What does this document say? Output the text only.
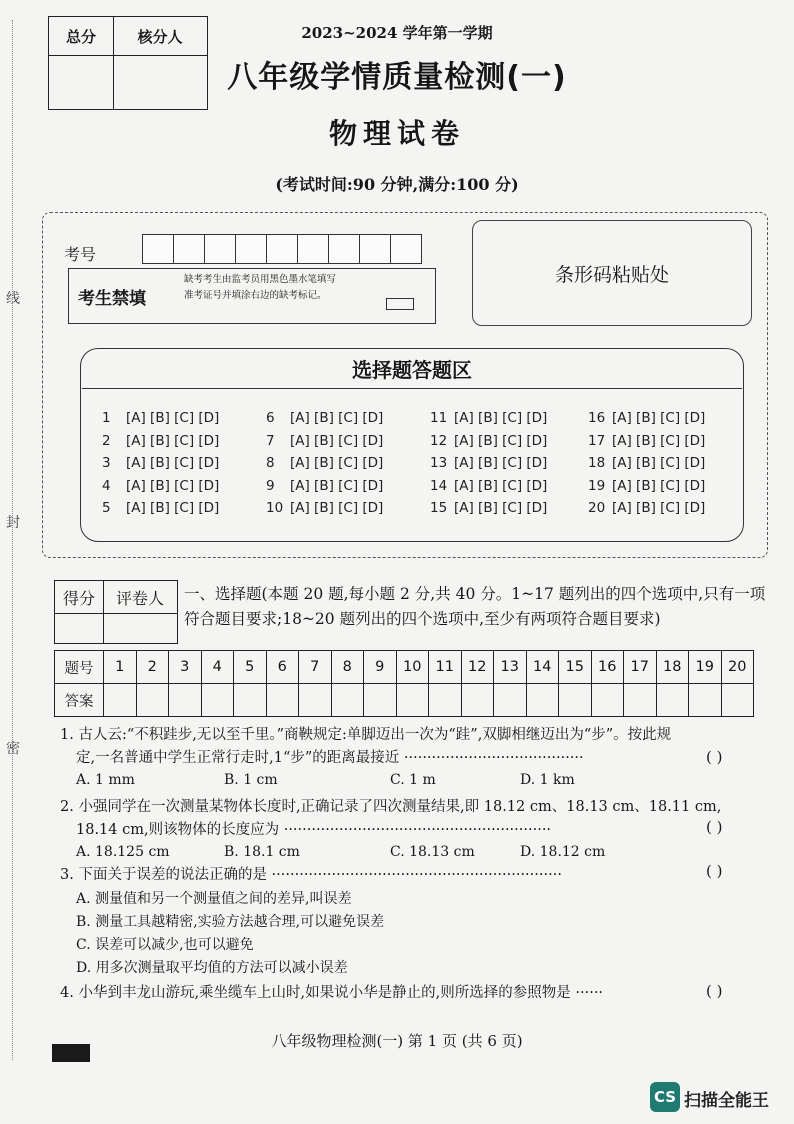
线
封
密
总分	核分人	2023~2024 学年第一学期
八年级学情质量检测(一)
物理试卷
(考试时间:90 分钟,满分:100 分)
考号
考生禁填
缺考考生由监考员用黑色墨水笔填写准考证号并填涂右边的缺考标记。
条形码粘贴处
选择题答题区
1 [A] [B] [C] [D]
2 [A] [B] [C] [D]
3 [A] [B] [C] [D]
4 [A] [B] [C] [D]
5 [A] [B] [C] [D]
6 [A] [B] [C] [D]
7 [A] [B] [C] [D]
8 [A] [B] [C] [D]
9 [A] [B] [C] [D]
10 [A] [B] [C] [D]
11 [A] [B] [C] [D]
12 [A] [B] [C] [D]
13 [A] [B] [C] [D]
14 [A] [B] [C] [D]
15 [A] [B] [C] [D]
16 [A] [B] [C] [D]
17 [A] [B] [C] [D]
18 [A] [B] [C] [D]
19 [A] [B] [C] [D]
20 [A] [B] [C] [D]
得分	评卷人	一、选择题(本题 20 题,每小题 2 分,共 40 分。1~17 题列出的四个选项中,只有一项符合题目要求;18~20 题列出的四个选项中,至少有两项符合题目要求)
题号	1	2	3	4	5	6	7	8	9	10	11	12	13	14	15	16	17	18	19	20
答案																				
1. 古人云:“不积跬步,无以至千里。”商鞅规定:单脚迈出一次为“跬”,双脚相继迈出为“步”。按此规
定,一名普通中学生正常行走时,1“步”的距离最接近 ·······································	( )
A. 1 mm	B. 1 cm	C. 1 m	D. 1 km
2. 小强同学在一次测量某物体长度时,正确记录了四次测量结果,即 18.12 cm、18.13 cm、18.11 cm,
18.14 cm,则该物体的长度应为 ··························································	( )
A. 18.125 cm	B. 18.1 cm	C. 18.13 cm	D. 18.12 cm
3. 下面关于误差的说法正确的是 ·······························································	( )
A. 测量值和另一个测量值之间的差异,叫误差
B. 测量工具越精密,实验方法越合理,可以避免误差
C. 误差可以减少,也可以避免
D. 用多次测量取平均值的方法可以减小误差
4. 小华到丰龙山游玩,乘坐缆车上山时,如果说小华是静止的,则所选择的参照物是 ······	( )
八年级物理检测(一) 第 1 页 (共 6 页)
CS 扫描全能王
